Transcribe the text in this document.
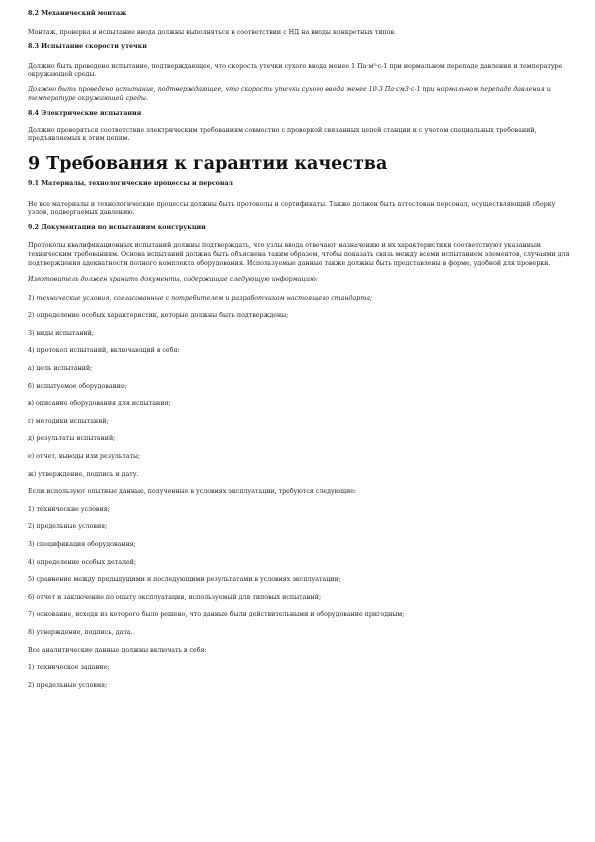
8.2 Механический монтаж

Монтаж, проверка и испытание ввода должны выполняться в соответствии с НД на вводы конкретных типов.

8.3 Испытание скорости утечки

Должно быть проведено испытание, подтверждающее, что скорость утечки сухого ввода менее 1 Па·м³·с-1 при нормальном перепаде давления и температуре окружающей среды.

Должно быть проведено испытание, подтверждающее, что скорость утечки сухого ввода менее 10-3 Па·см3·с-1 при нормальном перепаде давления и температуре окружающей среды.

8.4 Электрические испытания

Должно проверяться соответствие электрическим требованиям совместно с проверкой связанных цепей станции и с учетом специальных требований, предъявляемых к этим цепям.

9 Требования к гарантии качества

9.1 Материалы, технологические процессы и персонал

Не все материалы и технологические процессы должны быть протоколы и сертификаты. Также должен быть аттестован персонал, осуществляющий сборку узлов, подвергаемых давлению.

9.2 Документация по испытаниям конструкции

Протоколы квалификационных испытаний должны подтверждать, что узлы ввода отвечают назначению и их характеристики соответствуют указанным техническим требованиям. Основа испытаний должна быть объяснена таким образом, чтобы показать связь между всеми испытанием элементов, случаями для подтверждения адекватности полного комплекта оборудования. Используемые данные также должны быть представлены в форме, удобной для проверки.

Изготовитель должен хранить документы, содержащие следующую информацию:

1) технические условия, согласованные с потребителем и разработчиком настоящего стандарта;

2) определение особых характеристик, которые должны быть подтверждены;

3) виды испытаний;

4) протокол испытаний, включающий в себя:

а) цель испытаний;

б) испытуемое оборудование;

в) описание оборудования для испытания;

г) методики испытаний;

д) результаты испытаний;

е) отчет, выводы или результаты;

ж) утверждение, подпись и дату.

Если используют опытные данные, полученные в условиях эксплуатации, требуются следующие:

1) технические условия;

2) предельные условия;

3) спецификация оборудования;

4) определение особых деталей;

5) сравнение между предыдущими и последующими результатами в условиях эксплуатации;

6) отчет и заключение по опыту эксплуатации, используемый для типовых испытаний;

7) основание, исходя из которого было решено, что данные были действительными и оборудование пригодным;

8) утверждение, подпись, дата.

Все аналитические данные должны включать в себя:

1) техническое задание;

2) предельные условия;
